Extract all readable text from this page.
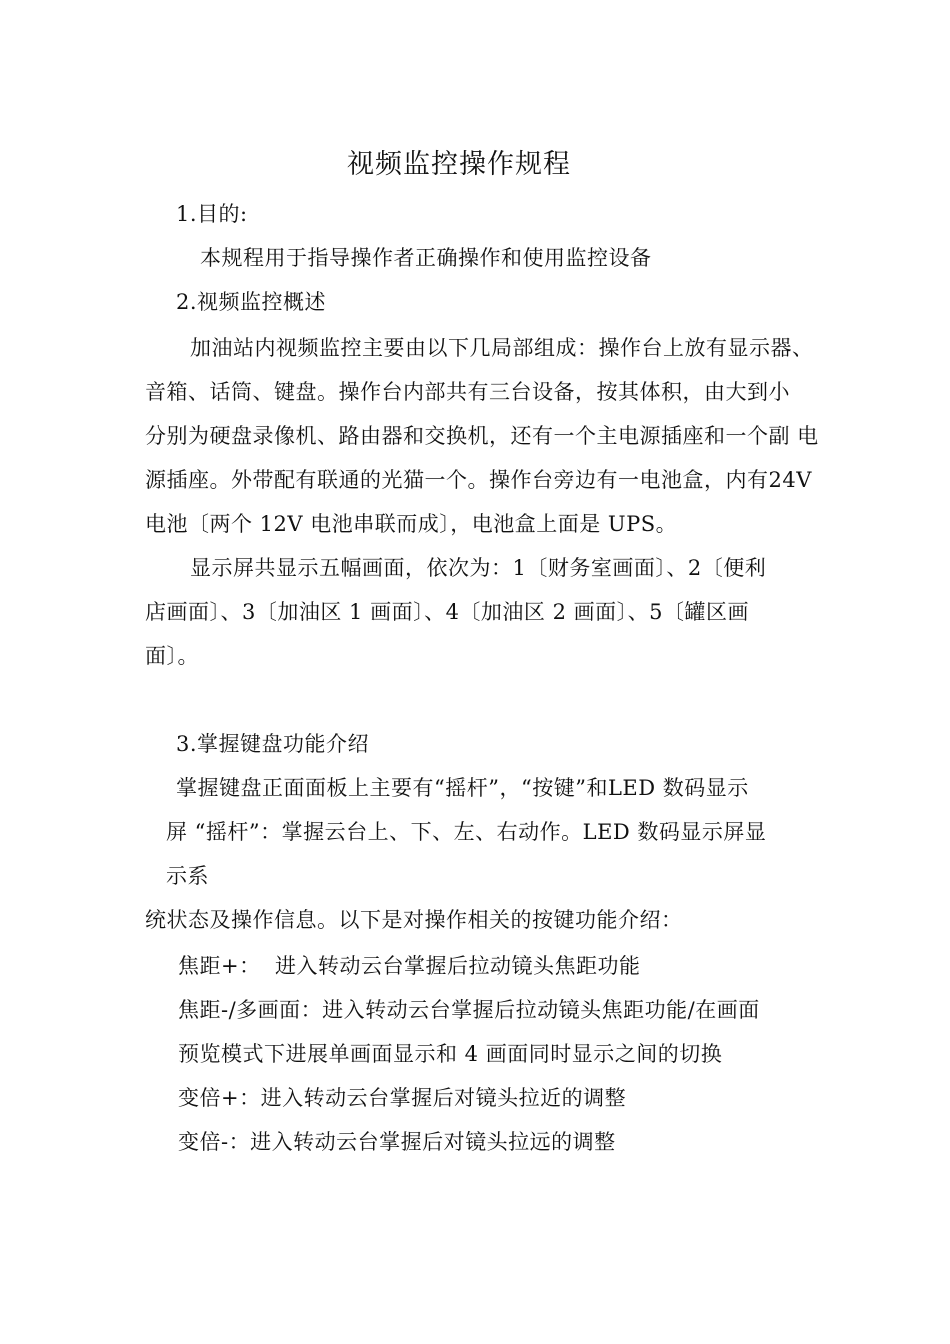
视频监控操作规程
1.目的:
本规程用于指导操作者正确操作和使用监控设备
2.视频监控概述
加油站内视频监控主要由以下几局部组成：操作台上放有显示器、
音箱、话筒、键盘。操作台内部共有三台设备，按其体积，由大到小
分别为硬盘录像机、路由器和交换机，还有一个主电源插座和一个副 电
源插座。外带配有联通的光猫一个。操作台旁边有一电池盒，内有24V
电池〔两个 12V 电池串联而成〕，电池盒上面是 UPS。
显示屏共显示五幅画面，依次为：1〔财务室画面〕、2〔便利
店画面〕、3〔加油区 1 画面〕、4〔加油区 2 画面〕、5〔罐区画
面〕。
3.掌握键盘功能介绍
掌握键盘正面面板上主要有“摇杆”，“按键”和LED 数码显示
屏 “摇杆”：掌握云台上、下、左、右动作。LED 数码显示屏显
示系
统状态及操作信息。以下是对操作相关的按键功能介绍：
焦距+：  进入转动云台掌握后拉动镜头焦距功能
焦距-/多画面：进入转动云台掌握后拉动镜头焦距功能/在画面
预览模式下进展单画面显示和 4 画面同时显示之间的切换
变倍+：进入转动云台掌握后对镜头拉近的调整
变倍-：进入转动云台掌握后对镜头拉远的调整
